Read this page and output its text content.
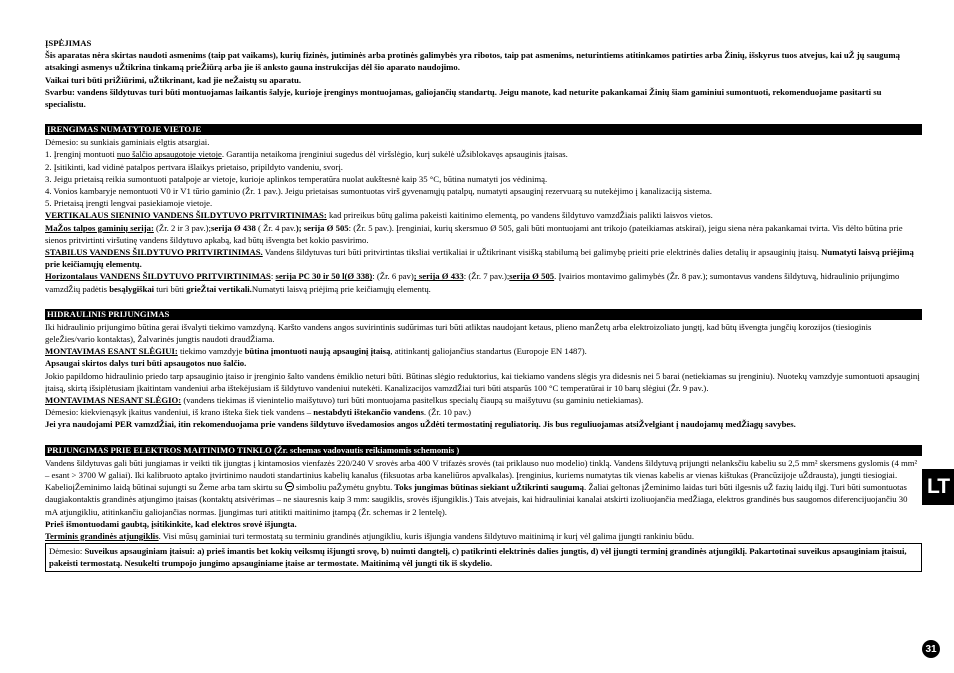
ĮSPĖJIMAS

Šis aparatas nėra skirtas naudoti asmenims (taip pat vaikams), kurių fizinės, jutiminės arba protinės galimybės yra ribotos, taip pat asmenims, neturintiems atitinkamos patirties arba Žinių, išskyrus tuos atvejus, kai uŽ jų saugumą atsakingi asmenys uŽtikrina tinkamą prieŽiūrą arba jie iš anksto gauna instrukcijas dėl šio aparato naudojimo.

Vaikai turi būti priŽiūrimi, uŽtikrinant, kad jie neŽaistų su aparatu.

Svarbu: vandens šildytuvas turi būti montuojamas laikantis šalyje, kurioje įrenginys montuojamas, galiojančių standartų. Jeigu manote, kad neturite pakankamai Žinių šiam gaminiui sumontuoti, rekomenduojame pasitarti su specialistu.

ĮRENGIMAS NUMATYTOJE VIETOJE

Dėmesio: su sunkiais gaminiais elgtis atsargiai.

1. Įrenginį montuoti nuo šalčio apsaugotoje vietoje. Garantija netaikoma įrenginiui sugedus dėl viršslėgio, kurį sukėlė uŽsiblokavęs apsauginis įtaisas.

2. Įsitikinti, kad vidinė patalpos pertvara išlaikys prietaiso, pripildyto vandeniu, svorį.

3. Jeigu prietaisą reikia sumontuoti patalpoje ar vietoje, kurioje aplinkos temperatūra nuolat aukštesnė kaip 35 °C, būtina numatyti jos vėdinimą.

4. Vonios kambaryje nemontuoti V0 ir V1 tūrio gaminio (Žr. 1 pav.). Jeigu prietaisas sumontuotas virš gyvenamųjų patalpų, numatyti apsauginį rezervuarą su nutekėjimo į kanalizaciją sistema.

5. Prietaisą įrengti lengvai pasiekiamoje vietoje.

VERTIKALAUS SIENINIO VANDENS ŠILDYTUVO PRITVIRTINIMAS: kad prireikus būtų galima pakeisti kaitinimo elementą, po vandens šildytuvo vamzdŽiais palikti laisvos vietos.

MaŽos talpos gaminių serija: (Žr. 2 ir 3 pav.);serija Ø 438 ( Žr. 4 pav.); serija Ø 505: (Žr. 5 pav.). Įrenginiai, kurių skersmuo Ø 505, gali būti montuojami ant trikojo (pateikiamas atskirai), jeigu siena nėra pakankamai tvirta. Vis dėlto būtina prie sienos pritvirtinti viršutinę vandens šildytuvo apkabą, kad būtų išvengta bet kokio pasvirimo.

STABILUS VANDENS ŠILDYTUVO PRITVIRTINIMAS. Vandens šildytuvas turi būti pritvirtintas tiksliai vertikaliai ir uŽtikrinant visišką stabilumą bei galimybę prieiti prie elektrinės dalies detalių ir apsauginių įtaisų. Numatyti laisvą priėjimą prie keičiamųjų elementų.

Horizontalaus VANDENS ŠILDYTUVO PRITVIRTINIMAS: serija PC 30 ir 50 l(Ø 338): (Žr. 6 pav); serija Ø 433: (Žr. 7 pav.);serija Ø 505. Įvairios montavimo galimybės (Žr. 8 pav.); sumontavus vandens šildytuvą, hidraulinio prijungimo vamzdŽių padėtis besąlygiškai turi būti grieŽtai vertikali.Numatyti laisvą priėjimą prie keičiamųjų elementų.

HIDRAULINIS PRIJUNGIMAS

Iki hidraulinio prijungimo būtina gerai išvalyti tiekimo vamzdyną. Karšto vandens angos suvirintinis sudūrimas turi būti atliktas naudojant ketaus, plieno manŽetų arba elektroizoliato jungtį, kad būtų išvengta jungčių korozijos (tiesioginis geleŽies/vario kontaktas), Žalvarinės jungtis naudoti draudŽiama.

MONTAVIMAS ESANT SLĖGIUI: tiekimo vamzdyje būtina įmontuoti naują apsauginį įtaisą, atitinkantį galiojančius standartus (Europoje EN 1487).

Apsaugai skirtos dalys turi būti apsaugotos nuo šalčio.

Jokio papildomo hidraulinio priedo tarp apsauginio įtaiso ir įrenginio šalto vandens ėmiklio neturi būti. Būtinas slėgio reduktorius, kai tiekiamo vandens slėgis yra didesnis nei 5 barai (netiekiamas su įrenginiu). Nuotekų vamzdyje sumontuoti apsauginį įtaisą, skirtą išsiplėtusiam įkaitintam vandeniui arba ištekėjusiam iš šildytuvo vandeniui nutekėti. Kanalizacijos vamzdŽiai turi būti atsparūs 100 °C temperatūrai ir 10 barų slėgiui (Žr. 9 pav.).

MONTAVIMAS NESANT SLĖGIO: (vandens tiekimas iš vienintelio maišytuvo) turi būti montuojama pasitelkus specialų čiaupą su maišytuvu (su gaminiu netiekiamas).

Dėmesio: kiekvienąsyk įkaitus vandeniui, iš krano išteka šiek tiek vandens – nestabdyti ištekančio vandens. (Žr. 10 pav.)

Jei yra naudojami PER vamzdŽiai, itin rekomenduojama prie vandens šildytuvo išvedamosios angos uŽdėti termostatinį reguliatorių. Jis bus reguliuojamas atsiŽvelgiant į naudojamų medŽiagų savybes.

PRIJUNGIMAS PRIE ELEKTROS MAITINIMO TINKLO (Žr. schemas vadovautis reikiamomis schemomis )

Vandens šildytuvas gali būti jungiamas ir veikti tik įjungtas į kintamosios vienfazės 220/240 V srovės arba 400 V trifazės srovės (tai priklauso nuo modelio) tinklą. Vandens šildytuvą prijungti nelanksčiu kabeliu su 2,5 mm² skersmens gyslomis (4 mm² – esant > 3700 W galiai). Iki kalibruoto aptako įtvirtinimo naudoti standartinius kabelių kanalus (fiksuotas arba kaneliūros apvalkalas). Įrenginius, kuriems numatytas tik vienas kabelis ar vienas kištukas (Prancūzijoje uŽdrausta), jungti tiesiogiai. KabelioįŽeminimo laidą būtinai sujungti su Žeme arba tam skirtu su  simboliu paŽymėtu gnybtu. Toks jungimas būtinas siekiant uŽtikrinti saugumą. Žaliai geltonas įŽeminimo laidas turi būti ilgesnis uŽ fazių laidų ilgį. Turi būti sumontuotas daugiakontaktis grandinės atjungimo įtaisas (kontaktų atsivėrimas – ne siauresnis kaip 3 mm: saugiklis, srovės išjungiklis.) Tais atvejais, kai hidrauliniai kanalai atskirti izoliuojančia medŽiaga, elektros grandinės bus saugomos diferencijuojančiu 30 mA atjungikliu, atitinkančiu galiojančias normas. Įjungimas turi atitikti maitinimo įtampą (Žr. schemas ir 2 lentelę).

Prieš išmontuodami gaubtą, įsitikinkite, kad elektros srovė išjungta.

Terminis grandinės atjungiklis. Visi mūsų gaminiai turi termostatą su terminiu grandinės atjungikliu, kuris išjungia vandens šildytuvo maitinimą ir kurį vėl galima įjungti rankiniu būdu.

Dėmesio: Suveikus apsauginiam įtaisui: a) prieš imantis bet kokių veiksmų išjungti srovę, b) nuimti dangtelį, c) patikrinti elektrinės dalies jungtis, d) vėl įjungti terminį grandinės atjungiklį. Pakartotinai suveikus apsauginiam įtaisui, pakeisti termostatą. Nesukelti trumpojo jungimo apsauginiame įtaise ar termostate. Maitinimą vėl jungti tik iš skydelio.

LT
31
